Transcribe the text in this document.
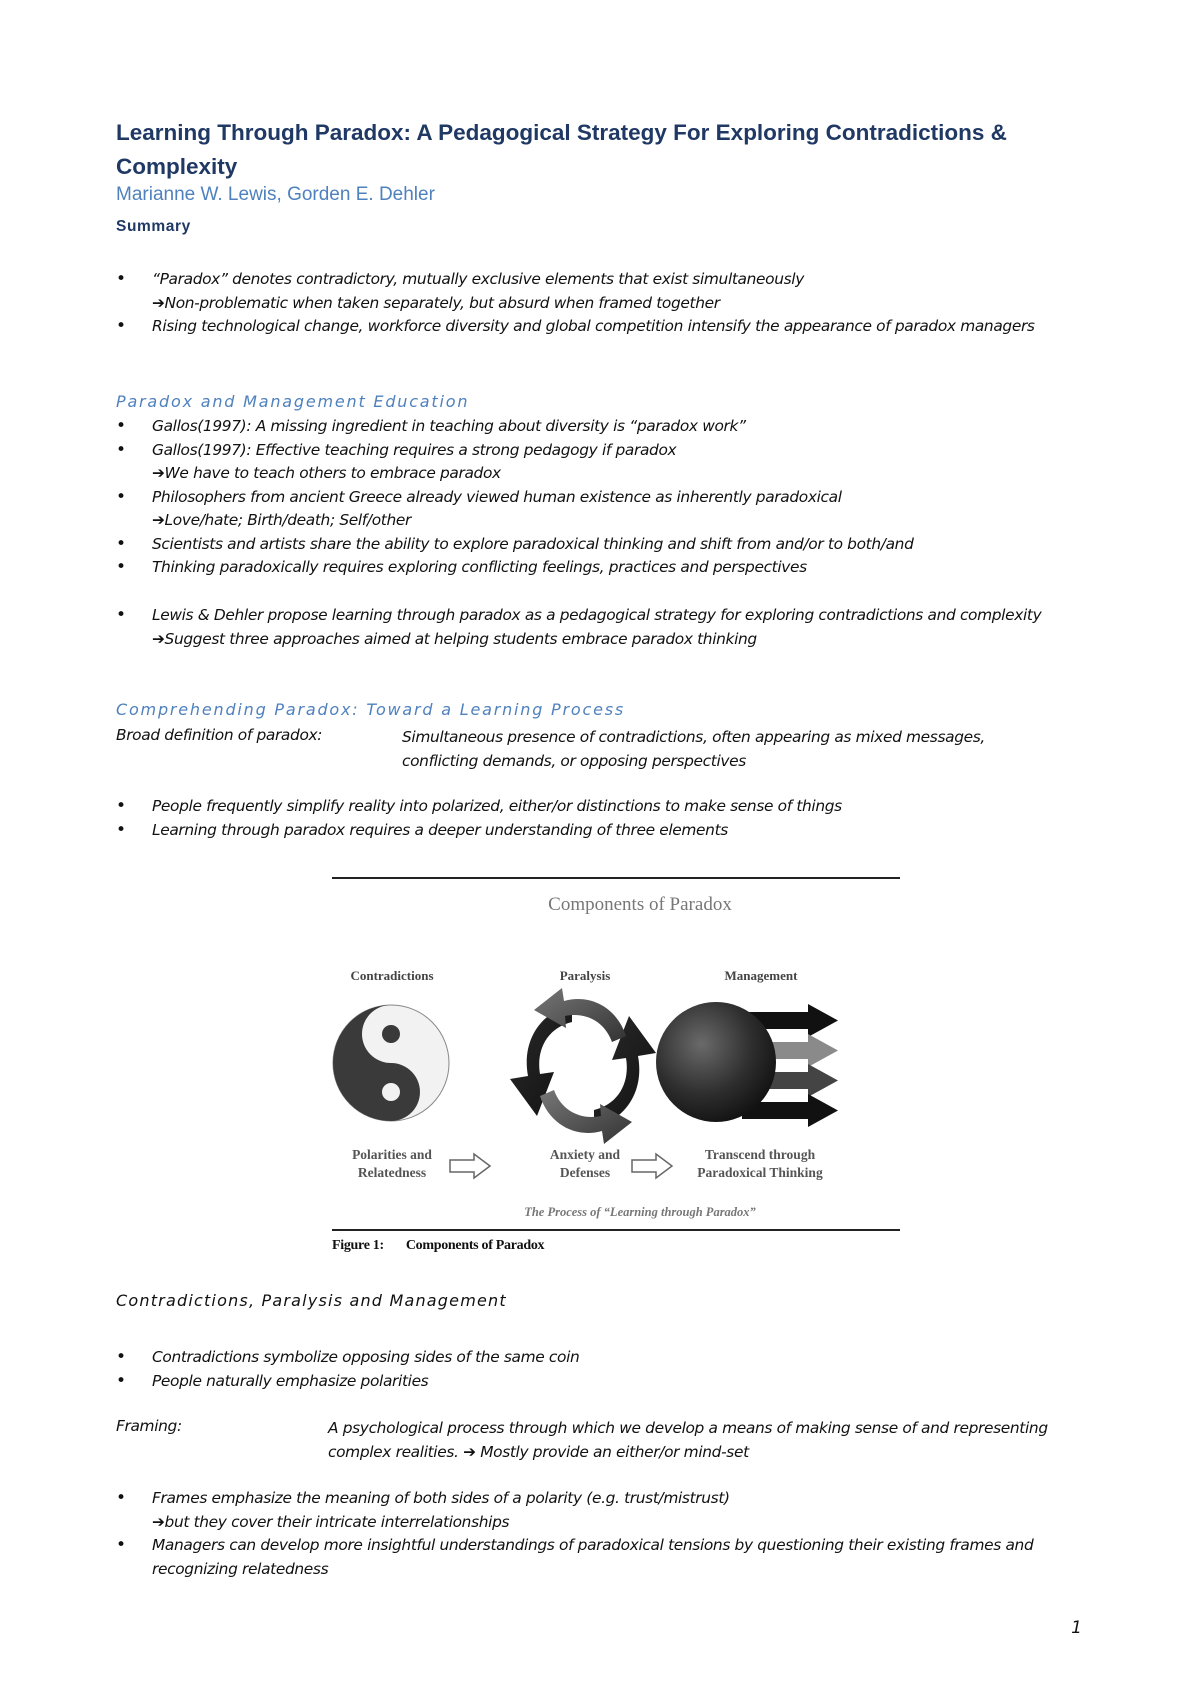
Learning Through Paradox: A Pedagogical Strategy For Exploring Contradictions & Complexity

Marianne W. Lewis, Gorden E. Dehler

Summary

• “Paradox” denotes contradictory, mutually exclusive elements that exist simultaneously
➔Non-problematic when taken separately, but absurd when framed together
• Rising technological change, workforce diversity and global competition intensify the appearance of paradox managers

Paradox and Management Education

• Gallos(1997): A missing ingredient in teaching about diversity is “paradox work”
• Gallos(1997): Effective teaching requires a strong pedagogy if paradox
➔We have to teach others to embrace paradox
• Philosophers from ancient Greece already viewed human existence as inherently paradoxical
➔Love/hate; Birth/death; Self/other
• Scientists and artists share the ability to explore paradoxical thinking and shift from and/or to both/and
• Thinking paradoxically requires exploring conflicting feelings, practices and perspectives
• Lewis & Dehler propose learning through paradox as a pedagogical strategy for exploring contradictions and complexity
➔Suggest three approaches aimed at helping students embrace paradox thinking

Comprehending Paradox: Toward a Learning Process

Broad definition of paradox:	Simultaneous presence of contradictions, often appearing as mixed messages, conflicting demands, or opposing perspectives
• People frequently simplify reality into polarized, either/or distinctions to make sense of things
• Learning through paradox requires a deeper understanding of three elements
Components of Paradox
Contradictions	Paralysis	Management
Polarities and
Relatedness
Anxiety and
Defenses
Transcend through
Paradoxical Thinking
The Process of “Learning through Paradox”
Figure 1: Components of Paradox

Contradictions, Paralysis and Management

• Contradictions symbolize opposing sides of the same coin
• People naturally emphasize polarities
Framing:	A psychological process through which we develop a means of making sense of and representing complex realities. ➔ Mostly provide an either/or mind-set
• Frames emphasize the meaning of both sides of a polarity (e.g. trust/mistrust)
➔but they cover their intricate interrelationships
• Managers can develop more insightful understandings of paradoxical tensions by questioning their existing frames and recognizing relatedness
1
